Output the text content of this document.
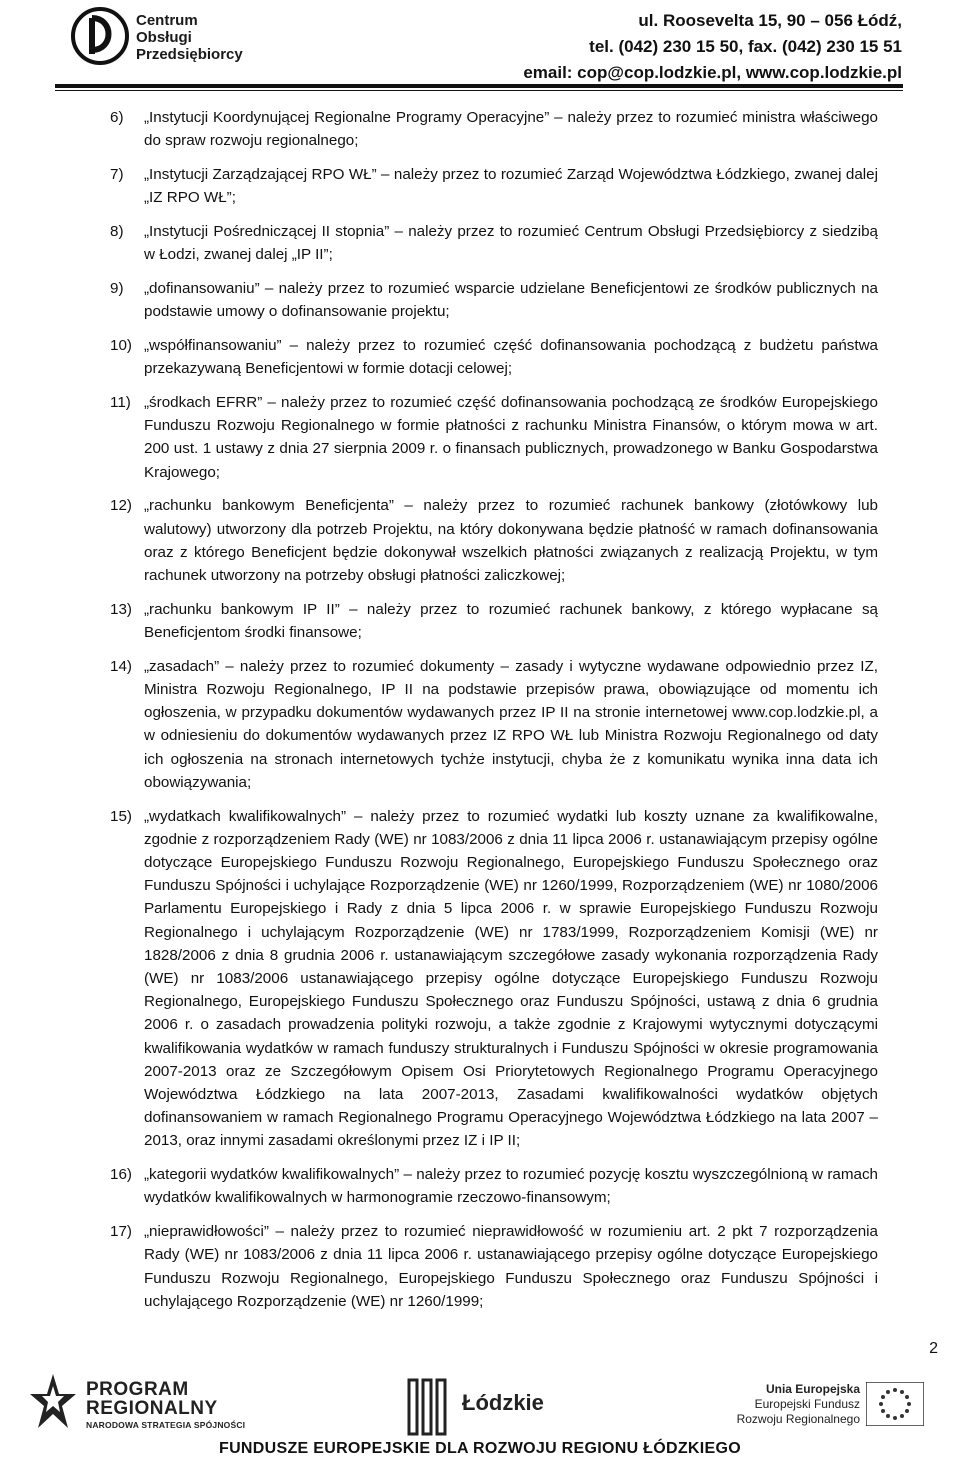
Centrum
Obsługi
Przedsiębiorcy
ul. Roosevelta 15, 90 – 056 Łódź,
tel. (042) 230 15 50, fax. (042) 230 15 51
email: cop@cop.lodzkie.pl, www.cop.lodzkie.pl
6)	„Instytucji Koordynującej Regionalne Programy Operacyjne” – należy przez to rozumieć ministra właściwego do spraw rozwoju regionalnego;
7)	„Instytucji Zarządzającej RPO WŁ” – należy przez to rozumieć Zarząd Województwa Łódzkiego, zwanej dalej „IZ RPO WŁ”;
8)	„Instytucji Pośredniczącej II stopnia” – należy przez to rozumieć Centrum Obsługi Przedsiębiorcy z siedzibą w Łodzi, zwanej dalej „IP II”;
9)	„dofinansowaniu” – należy przez to rozumieć wsparcie udzielane Beneficjentowi ze środków publicznych na podstawie umowy o dofinansowanie projektu;
10) „współfinansowaniu” – należy przez to rozumieć część dofinansowania pochodzącą z budżetu państwa przekazywaną Beneficjentowi w formie dotacji celowej;
11) „środkach EFRR” – należy przez to rozumieć część dofinansowania pochodzącą ze środków Europejskiego Funduszu Rozwoju Regionalnego w formie płatności z rachunku Ministra Finansów, o którym mowa w art. 200 ust. 1 ustawy z dnia 27 sierpnia 2009 r. o finansach publicznych, prowadzonego w Banku Gospodarstwa Krajowego;
12) „rachunku bankowym Beneficjenta” – należy przez to rozumieć rachunek bankowy (złotówkowy lub walutowy) utworzony dla potrzeb Projektu, na który dokonywana będzie płatność w ramach dofinansowania oraz z którego Beneficjent będzie dokonywał wszelkich płatności związanych z realizacją Projektu, w tym rachunek utworzony na potrzeby obsługi płatności zaliczkowej;
13) „rachunku bankowym IP II” – należy przez to rozumieć rachunek bankowy, z którego wypłacane są Beneficjentom środki finansowe;
14) „zasadach” – należy przez to rozumieć dokumenty – zasady i wytyczne wydawane odpowiednio przez IZ, Ministra Rozwoju Regionalnego, IP II na podstawie przepisów prawa, obowiązujące od momentu ich ogłoszenia, w przypadku dokumentów wydawanych przez IP II na stronie internetowej www.cop.lodzkie.pl, a w odniesieniu do dokumentów wydawanych przez IZ RPO WŁ lub Ministra Rozwoju Regionalnego od daty ich ogłoszenia na stronach internetowych tychże instytucji, chyba że z komunikatu wynika inna data ich obowiązywania;
15) „wydatkach kwalifikowalnych” – należy przez to rozumieć wydatki lub koszty uznane za kwalifikowalne, zgodnie z rozporządzeniem Rady (WE) nr 1083/2006 z dnia 11 lipca 2006 r. ustanawiającym przepisy ogólne dotyczące Europejskiego Funduszu Rozwoju Regionalnego, Europejskiego Funduszu Społecznego oraz Funduszu Spójności i uchylające Rozporządzenie (WE) nr 1260/1999, Rozporządzeniem (WE) nr 1080/2006 Parlamentu Europejskiego i Rady z dnia 5 lipca 2006 r. w sprawie Europejskiego Funduszu Rozwoju Regionalnego i uchylającym Rozporządzenie (WE) nr 1783/1999, Rozporządzeniem Komisji (WE) nr 1828/2006 z dnia 8 grudnia 2006 r. ustanawiającym szczegółowe zasady wykonania rozporządzenia Rady (WE) nr 1083/2006 ustanawiającego przepisy ogólne dotyczące Europejskiego Funduszu Rozwoju Regionalnego, Europejskiego Funduszu Społecznego oraz Funduszu Spójności, ustawą z dnia 6 grudnia 2006 r. o zasadach prowadzenia polityki rozwoju, a także zgodnie z Krajowymi wytycznymi dotyczącymi kwalifikowania wydatków w ramach funduszy strukturalnych i Funduszu Spójności w okresie programowania 2007-2013 oraz ze Szczegółowym Opisem Osi Priorytetowych Regionalnego Programu Operacyjnego Województwa Łódzkiego na lata 2007-2013, Zasadami kwalifikowalności wydatków objętych dofinansowaniem w ramach Regionalnego Programu Operacyjnego Województwa Łódzkiego na lata 2007 – 2013, oraz innymi zasadami określonymi przez IZ i IP II;
16) „kategorii wydatków kwalifikowalnych” – należy przez to rozumieć pozycję kosztu wyszczególnioną w ramach wydatków kwalifikowalnych w harmonogramie rzeczowo-finansowym;
17) „nieprawidłowości” – należy przez to rozumieć nieprawidłowość w rozumieniu art. 2 pkt 7 rozporządzenia Rady (WE) nr 1083/2006 z dnia 11 lipca 2006 r. ustanawiającego przepisy ogólne dotyczące Europejskiego Funduszu Rozwoju Regionalnego, Europejskiego Funduszu Społecznego oraz Funduszu Spójności i uchylającego Rozporządzenie (WE) nr 1260/1999;
2
PROGRAM
REGIONALNY
NARODOWA STRATEGIA SPÓJNOŚCI
Łódzkie
Unia Europejska
Europejski Fundusz
Rozwoju Regionalnego
FUNDUSZE EUROPEJSKIE DLA ROZWOJU REGIONU ŁÓDZKIEGO
